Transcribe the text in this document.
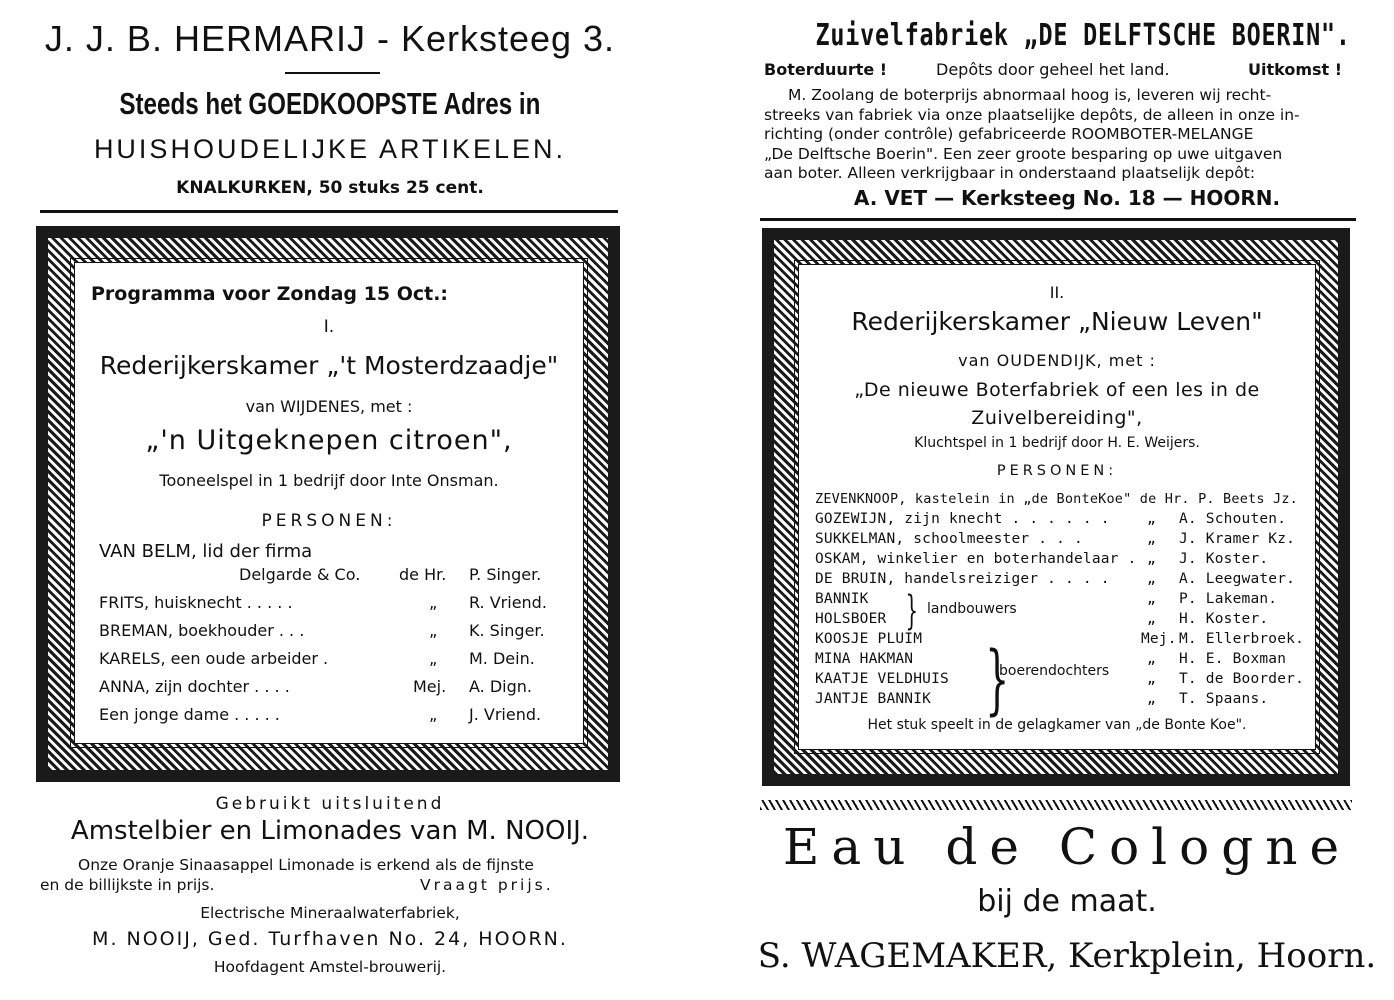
J. J. B. HERMARIJ - Kerksteeg 3.
Steeds het GOEDKOOPSTE Adres in
HUISHOUDELIJKE ARTIKELEN.
KNALKURKEN, 50 stuks 25 cent.
Programma voor Zondag 15 Oct.:
I.
Rederijkerskamer „'t Mosterdzaadje"
van WIJDENES, met :
„'n Uitgeknepen citroen",
Tooneelspel in 1 bedrijf door Inte Onsman.
PERSONEN:
VAN BELM, lid der firma
Delgarde & Co. de Hr. P. Singer.
FRITS, huisknecht . . . . .	„ R. Vriend.
BREMAN, boekhouder . . .	„ K. Singer.
KARELS, een oude arbeider .	„ M. Dein.
ANNA, zijn dochter . . . .	Mej. A. Dign.
Een jonge dame . . . . .	„ J. Vriend.
Gebruikt uitsluitend
Amstelbier en Limonades van M. NOOIJ.
Onze Oranje Sinaasappel Limonade is erkend als de fijnste
en de billijkste in prijs.	Vraagt prijs.
Electrische Mineraalwaterfabriek,
M. NOOIJ, Ged. Turfhaven No. 24, HOORN.
Hoofdagent Amstel-brouwerij.
Zuivelfabriek „DE DELFTSCHE BOERIN".
Boterduurte !	Depôts door geheel het land.	Uitkomst !
M. Zoolang de boterprijs abnormaal hoog is, leveren wij recht-
streeks van fabriek via onze plaatselijke depôts, de alleen in onze in-
richting (onder contrôle) gefabriceerde ROOMBOTER-MELANGE
„De Delftsche Boerin". Een zeer groote besparing op uwe uitgaven
aan boter. Alleen verkrijgbaar in onderstaand plaatselijk depôt:
A. VET — Kerksteeg No. 18 — HOORN.
II.
Rederijkerskamer „Nieuw Leven"
van OUDENDIJK, met :
„De nieuwe Boterfabriek of een les in de
Zuivelbereiding",
Kluchtspel in 1 bedrijf door H. E. Weijers.
PERSONEN:
ZEVENKNOOP, kastelein in „de BonteKoe" de Hr. P. Beets Jz.
GOZEWIJN, zijn knecht . . . . . .	„ A. Schouten.
SUKKELMAN, schoolmeester . . .	„ J. Kramer Kz.
OSKAM, winkelier en boterhandelaar . „ J. Koster.
DE BRUIN, handelsreiziger . . . .	„ A. Leegwater.
BANNIK	„ P. Lakeman.
HOLSBOER	„ H. Koster.
} landbouwers
KOOSJE PLUIM	Mej. M. Ellerbroek.
MINA HAKMAN	„ H. E. Boxman
KAATJE VELDHUIS	„ T. de Boorder.
JANTJE BANNIK	„ T. Spaans.
}
boerendochters
Het stuk speelt in de gelagkamer van „de Bonte Koe".
Eau de Cologne
bij de maat.
S. WAGEMAKER, Kerkplein, Hoorn.
